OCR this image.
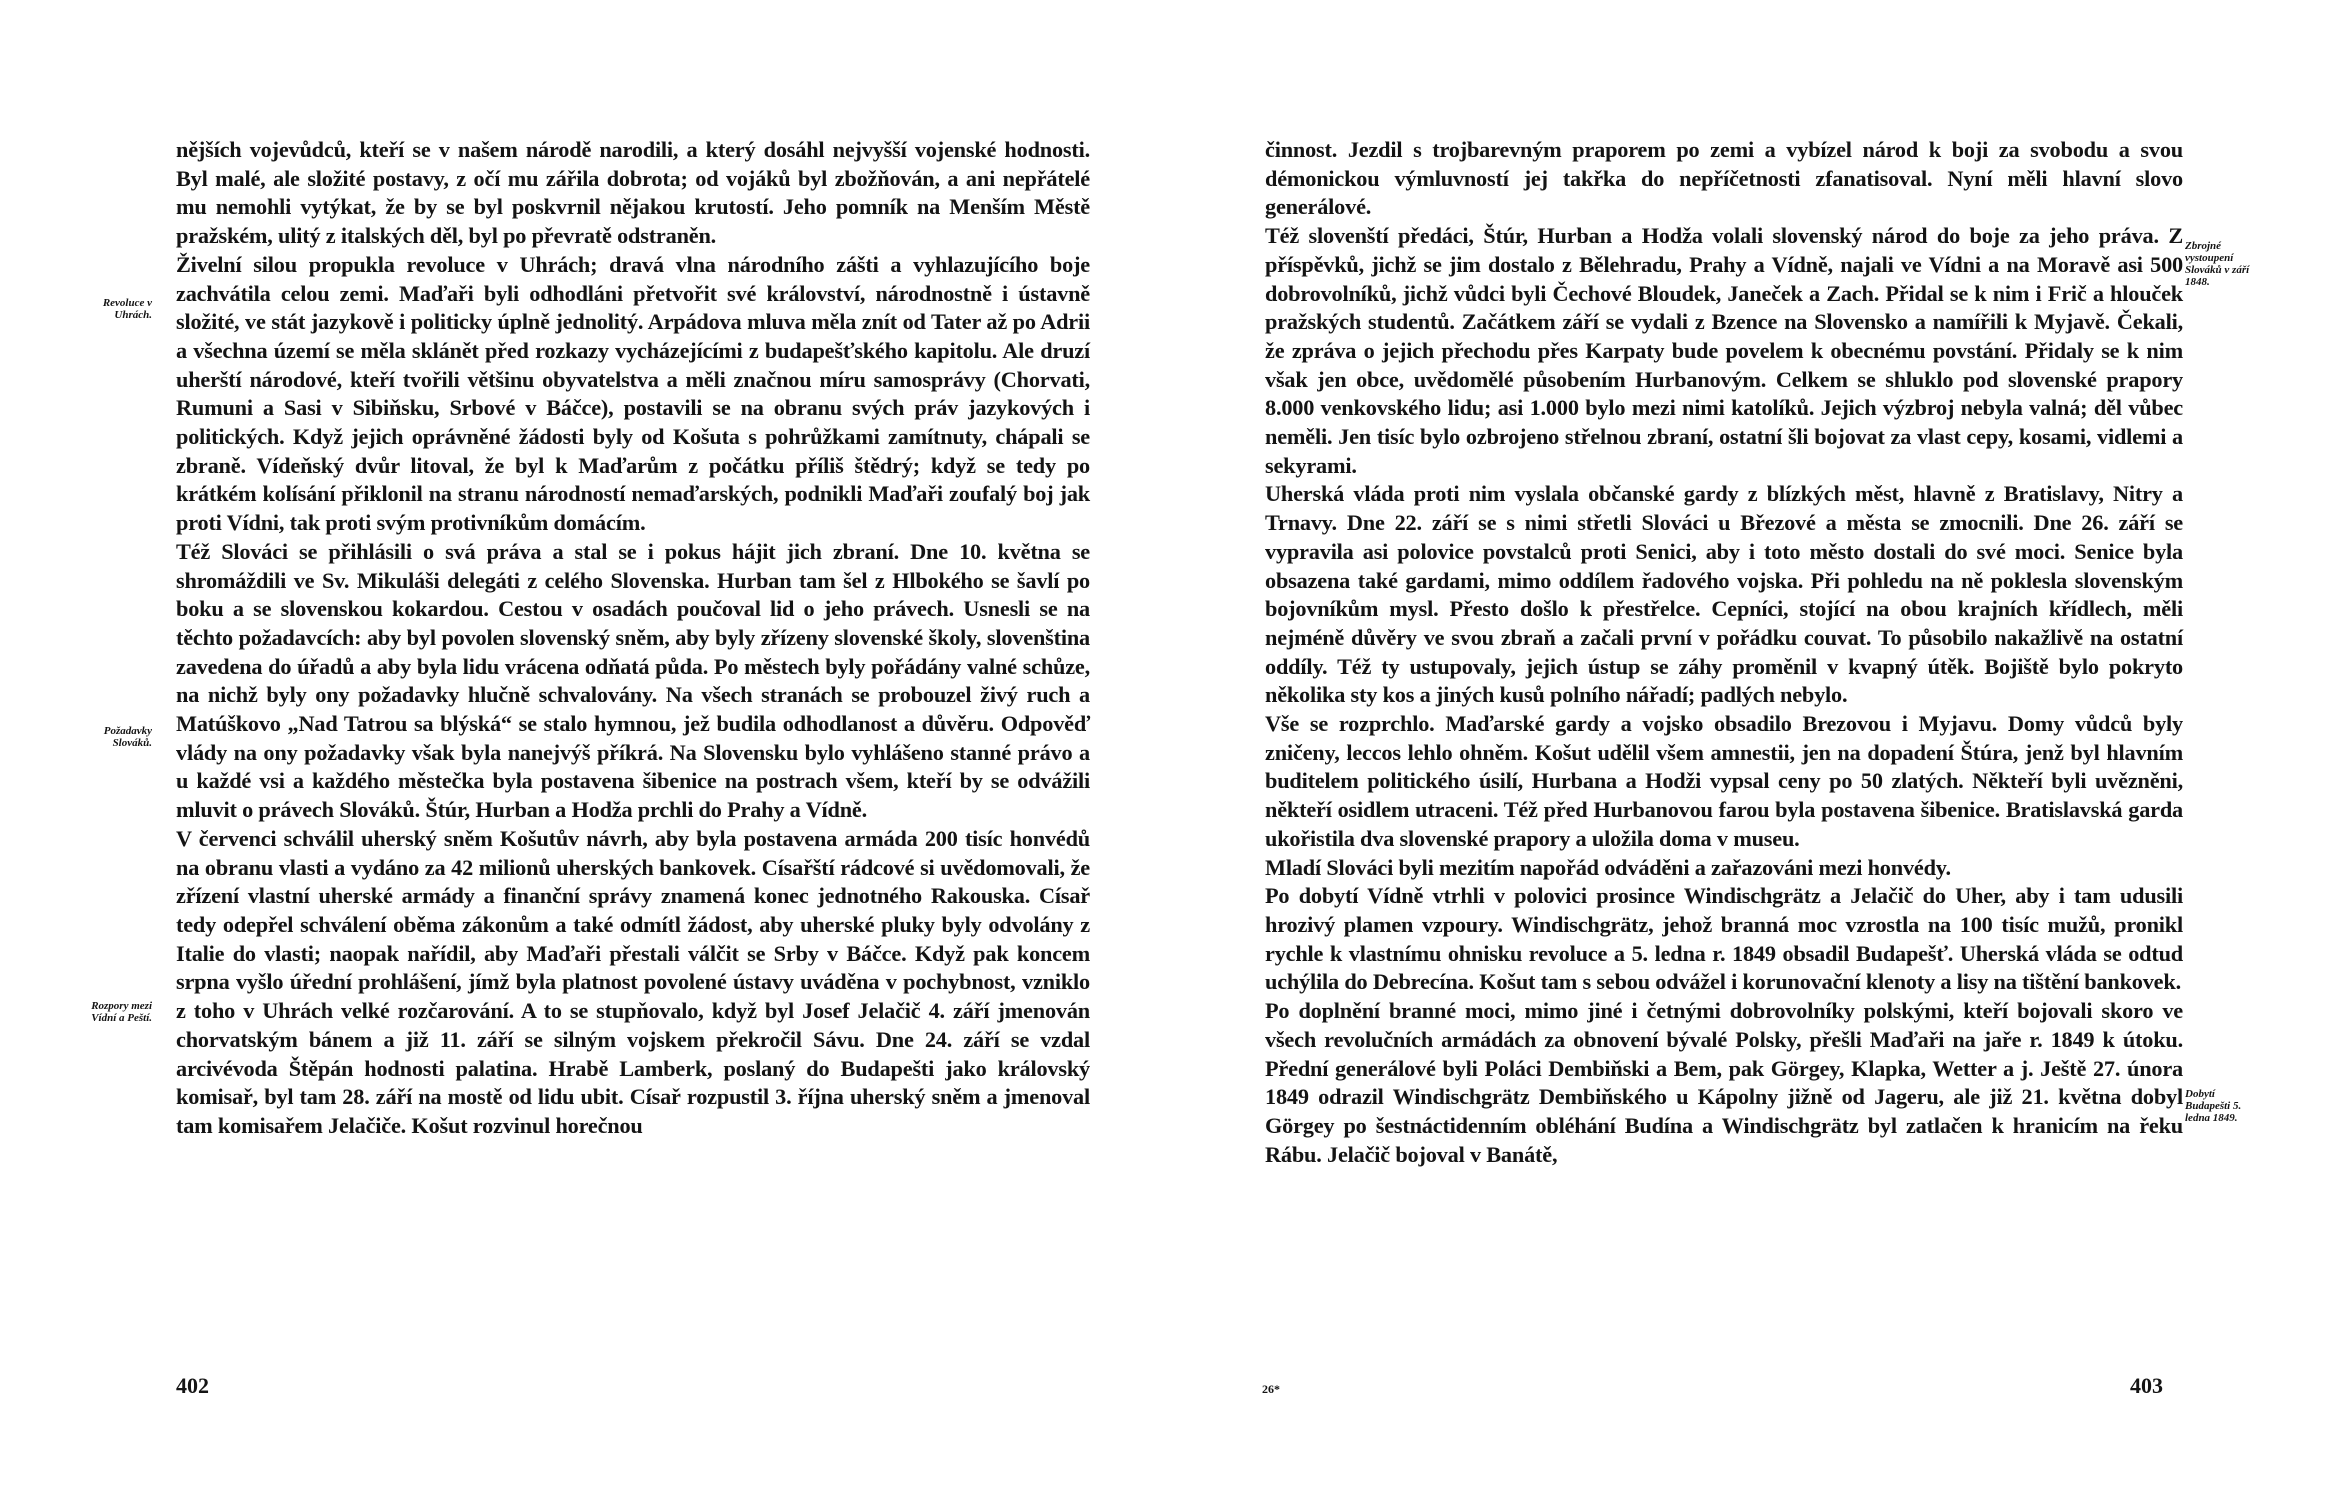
nějších vojevůdců, kteří se v našem národě narodili, a který dosáhl nejvyšší vojenské hodnosti. Byl malé, ale složité postavy, z očí mu zářila dobrota; od vojáků byl zbožňován, a ani nepřátelé mu nemohli vytýkat, že by se byl poskvrnil nějakou krutostí. Jeho pomník na Menším Městě pražském, ulitý z italských děl, byl po převratě odstraněn.

Živelní silou propukla revoluce v Uhrách; dravá vlna národního zášti a vyhlazujícího boje zachvátila celou zemi. Maďaři byli odhodláni přetvořit své království, národnostně i ústavně složité, ve stát jazykově i politicky úplně jednolitý. Arpádova mluva měla znít od Tater až po Adrii a všechna území se měla sklánět před rozkazy vycházejícími z budapešťského kapitolu. Ale druzí uherští národové, kteří tvořili většinu obyvatelstva a měli značnou míru samosprávy (Chorvati, Rumuni a Sasi v Sibiňsku, Srbové v Báčce), postavili se na obranu svých práv jazykových i politických. Když jejich oprávněné žádosti byly od Košuta s pohrůžkami zamítnuty, chápali se zbraně. Vídeňský dvůr litoval, že byl k Maďarům z počátku příliš štědrý; když se tedy po krátkém kolísání přiklonil na stranu národností nemaďarských, podnikli Maďaři zoufalý boj jak proti Vídni, tak proti svým protivníkům domácím.

Též Slováci se přihlásili o svá práva a stal se i pokus hájit jich zbraní. Dne 10. května se shromáždili ve Sv. Mikuláši delegáti z celého Slovenska. Hurban tam šel z Hlbokého se šavlí po boku a se slovenskou kokardou. Cestou v osadách poučoval lid o jeho právech. Usnesli se na těchto požadavcích: aby byl povolen slovenský sněm, aby byly zřízeny slovenské školy, slovenština zavedena do úřadů a aby byla lidu vrácena odňatá půda. Po městech byly pořádány valné schůze, na nichž byly ony požadavky hlučně schvalovány. Na všech stranách se probouzel živý ruch a Matúškovo „Nad Tatrou sa blýská“ se stalo hymnou, jež budila odhodlanost a důvěru. Odpověď vlády na ony požadavky však byla nanejvýš příkrá. Na Slovensku bylo vyhlášeno stanné právo a u každé vsi a každého městečka byla postavena šibenice na postrach všem, kteří by se odvážili mluvit o právech Slováků. Štúr, Hurban a Hodža prchli do Prahy a Vídně.

V červenci schválil uherský sněm Košutův návrh, aby byla postavena armáda 200 tisíc honvédů na obranu vlasti a vydáno za 42 milionů uherských bankovek. Císařští rádcové si uvědomovali, že zřízení vlastní uherské armády a finanční správy znamená konec jednotného Rakouska. Císař tedy odepřel schválení oběma zákonům a také odmítl žádost, aby uherské pluky byly odvolány z Italie do vlasti; naopak nařídil, aby Maďaři přestali válčit se Srby v Báčce. Když pak koncem srpna vyšlo úřední prohlášení, jímž byla platnost povolené ústavy uváděna v pochybnost, vzniklo z toho v Uhrách velké rozčarování. A to se stupňovalo, když byl Josef Jelačič 4. září jmenován chorvatským bánem a již 11. září se silným vojskem překročil Sávu. Dne 24. září se vzdal arcivévoda Štěpán hodnosti palatina. Hrabě Lamberk, poslaný do Budapešti jako královský komisař, byl tam 28. září na mostě od lidu ubit. Císař rozpustil 3. října uherský sněm a jmenoval tam komisařem Jelačiče. Košut rozvinul horečnou

Revoluce v Uhrách.
Požadavky Slováků.
Rozpory mezi Vídní a Peští.
402

činnost. Jezdil s trojbarevným praporem po zemi a vybízel národ k boji za svobodu a svou démonickou výmluvností jej takřka do nepříčetnosti zfanatisoval. Nyní měli hlavní slovo generálové.

Též slovenští předáci, Štúr, Hurban a Hodža volali slovenský národ do boje za jeho práva. Z příspěvků, jichž se jim dostalo z Bělehradu, Prahy a Vídně, najali ve Vídni a na Moravě asi 500 dobrovolníků, jichž vůdci byli Čechové Bloudek, Janeček a Zach. Přidal se k nim i Frič a hlouček pražských studentů. Začátkem září se vydali z Bzence na Slovensko a namířili k Myjavě. Čekali, že zpráva o jejich přechodu přes Karpaty bude povelem k obecnému povstání. Přidaly se k nim však jen obce, uvědomělé působením Hurbanovým. Celkem se shluklo pod slovenské prapory 8.000 venkovského lidu; asi 1.000 bylo mezi nimi katolíků. Jejich výzbroj nebyla valná; děl vůbec neměli. Jen tisíc bylo ozbrojeno střelnou zbraní, ostatní šli bojovat za vlast cepy, kosami, vidlemi a sekyrami.

Uherská vláda proti nim vyslala občanské gardy z blízkých měst, hlavně z Bratislavy, Nitry a Trnavy. Dne 22. září se s nimi střetli Slováci u Březové a města se zmocnili. Dne 26. září se vypravila asi polovice povstalců proti Senici, aby i toto město dostali do své moci. Senice byla obsazena také gardami, mimo oddílem řadového vojska. Při pohledu na ně poklesla slovenským bojovníkům mysl. Přesto došlo k přestřelce. Cepníci, stojící na obou krajních křídlech, měli nejméně důvěry ve svou zbraň a začali první v pořádku couvat. To působilo nakažlivě na ostatní oddíly. Též ty ustupovaly, jejich ústup se záhy proměnil v kvapný útěk. Bojiště bylo pokryto několika sty kos a jiných kusů polního nářadí; padlých nebylo.

Vše se rozprchlo. Maďarské gardy a vojsko obsadilo Brezovou i Myjavu. Domy vůdců byly zničeny, leccos lehlo ohněm. Košut udělil všem amnestii, jen na dopadení Štúra, jenž byl hlavním buditelem politického úsilí, Hurbana a Hodži vypsal ceny po 50 zlatých. Někteří byli uvězněni, někteří osidlem utraceni. Též před Hurbanovou farou byla postavena šibenice. Bratislavská garda ukořistila dva slovenské prapory a uložila doma v museu.

Mladí Slováci byli mezitím napořád odváděni a zařazováni mezi honvédy.

Po dobytí Vídně vtrhli v polovici prosince Windischgrätz a Jelačič do Uher, aby i tam udusili hrozivý plamen vzpoury. Windischgrätz, jehož branná moc vzrostla na 100 tisíc mužů, pronikl rychle k vlastnímu ohnisku revoluce a 5. ledna r. 1849 obsadil Budapešť. Uherská vláda se odtud uchýlila do Debrecína. Košut tam s sebou odvážel i korunovační klenoty a lisy na tištění bankovek.

Po doplnění branné moci, mimo jiné i četnými dobrovolníky polskými, kteří bojovali skoro ve všech revolučních armádách za obnovení bývalé Polsky, přešli Maďaři na jaře r. 1849 k útoku. Přední generálové byli Poláci Dembiňski a Bem, pak Görgey, Klapka, Wetter a j. Ještě 27. února 1849 odrazil Windischgrätz Dembiňského u Kápolny jižně od Jageru, ale již 21. května dobyl Görgey po šestnáctidenním obléhání Budína a Windischgrätz byl zatlačen k hranicím na řeku Rábu. Jelačič bojoval v Banátě,

Zbrojné vystoupení Slováků v září 1848.
Dobytí Budapešti 5. ledna 1849.
26*	403
